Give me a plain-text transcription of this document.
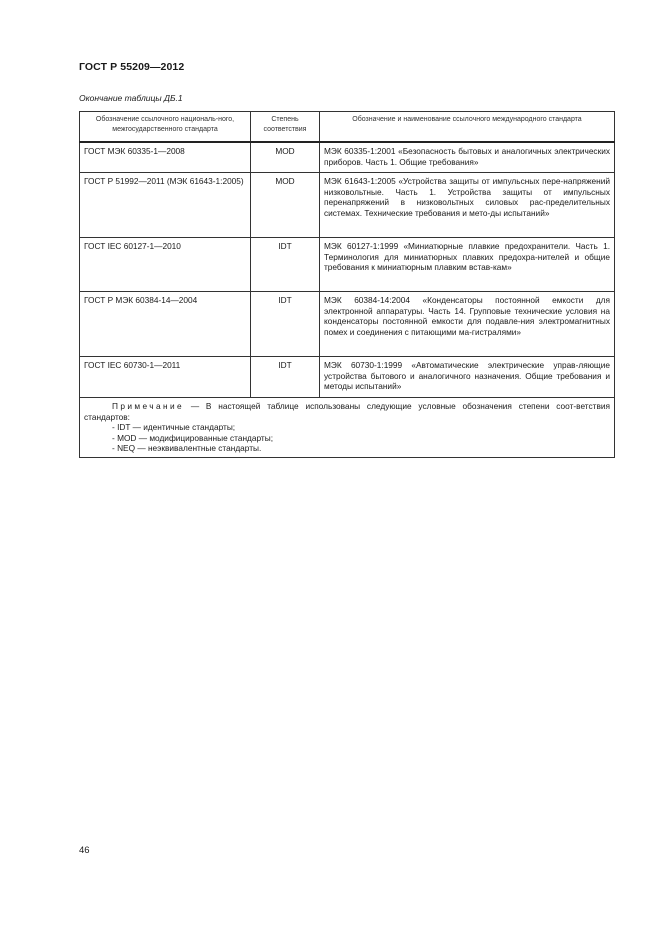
ГОСТ Р 55209—2012
Окончание таблицы ДБ.1
Обозначение ссылочного националь-ного, межгосударственного стандарта	Степень соответствия	Обозначение и наименование ссылочного международного стандарта
ГОСТ МЭК 60335-1—2008	MOD	МЭК 60335-1:2001 «Безопасность бытовых и аналогичных электрических приборов. Часть 1. Общие требования»
ГОСТ Р 51992—2011 (МЭК 61643-1:2005)	MOD	МЭК 61643-1:2005 «Устройства защиты от импульсных пере-напряжений низковольтные. Часть 1. Устройства защиты от импульсных перенапряжений в низковольтных силовых рас-пределительных системах. Технические требования и мето-ды испытаний»
ГОСТ IEC 60127-1—2010	IDT	МЭК 60127-1:1999 «Миниатюрные плавкие предохранители. Часть 1. Терминология для миниатюрных плавких предохра-нителей и общие требования к миниатюрным плавким встав-кам»
ГОСТ Р МЭК 60384-14—2004	IDT	МЭК 60384-14:2004 «Конденсаторы постоянной емкости для электронной аппаратуры. Часть 14. Групповые технические условия на конденсаторы постоянной емкости для подавле-ния электромагнитных помех и соединения с питающими ма-гистралями»
ГОСТ IEC 60730-1—2011	IDT	МЭК 60730-1:1999 «Автоматические электрические управ-ляющие устройства бытового и аналогичного назначения. Общие требования и методы испытаний»

Примечание — В настоящей таблице использованы следующие условные обозначения степени соот-ветствия стандартов:
- IDT — идентичные стандарты;
- MOD — модифицированные стандарты;
- NEQ — неэквивалентные стандарты.		
46
